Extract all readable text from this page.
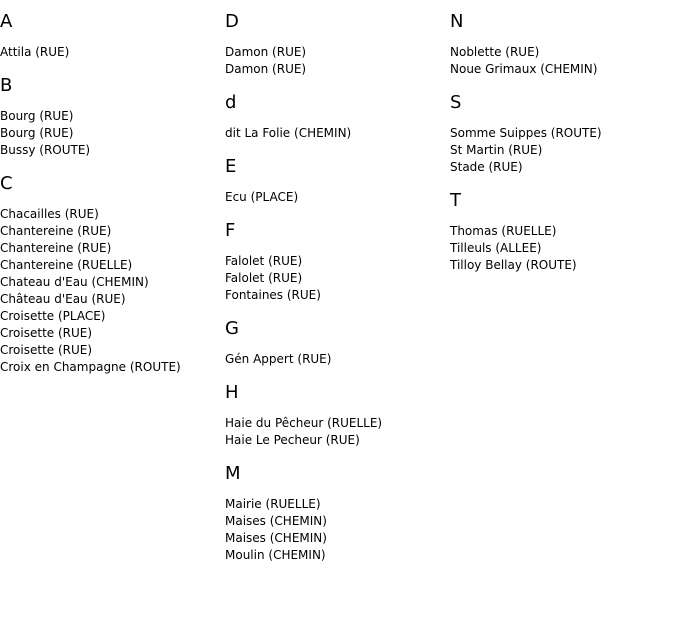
A
Attila (RUE)
B
Bourg (RUE)
Bourg (RUE)
Bussy (ROUTE)
C
Chacailles (RUE)
Chantereine (RUE)
Chantereine (RUE)
Chantereine (RUELLE)
Chateau d'Eau (CHEMIN)
Château d'Eau (RUE)
Croisette (PLACE)
Croisette (RUE)
Croisette (RUE)
Croix en Champagne (ROUTE)
D
Damon (RUE)
Damon (RUE)
d
dit La Folie (CHEMIN)
E
Ecu (PLACE)
F
Falolet (RUE)
Falolet (RUE)
Fontaines (RUE)
G
Gén Appert (RUE)
H
Haie du Pêcheur (RUELLE)
Haie Le Pecheur (RUE)
M
Mairie (RUELLE)
Maises (CHEMIN)
Maises (CHEMIN)
Moulin (CHEMIN)
N
Noblette (RUE)
Noue Grimaux (CHEMIN)
S
Somme Suippes (ROUTE)
St Martin (RUE)
Stade (RUE)
T
Thomas (RUELLE)
Tilleuls (ALLEE)
Tilloy Bellay (ROUTE)
